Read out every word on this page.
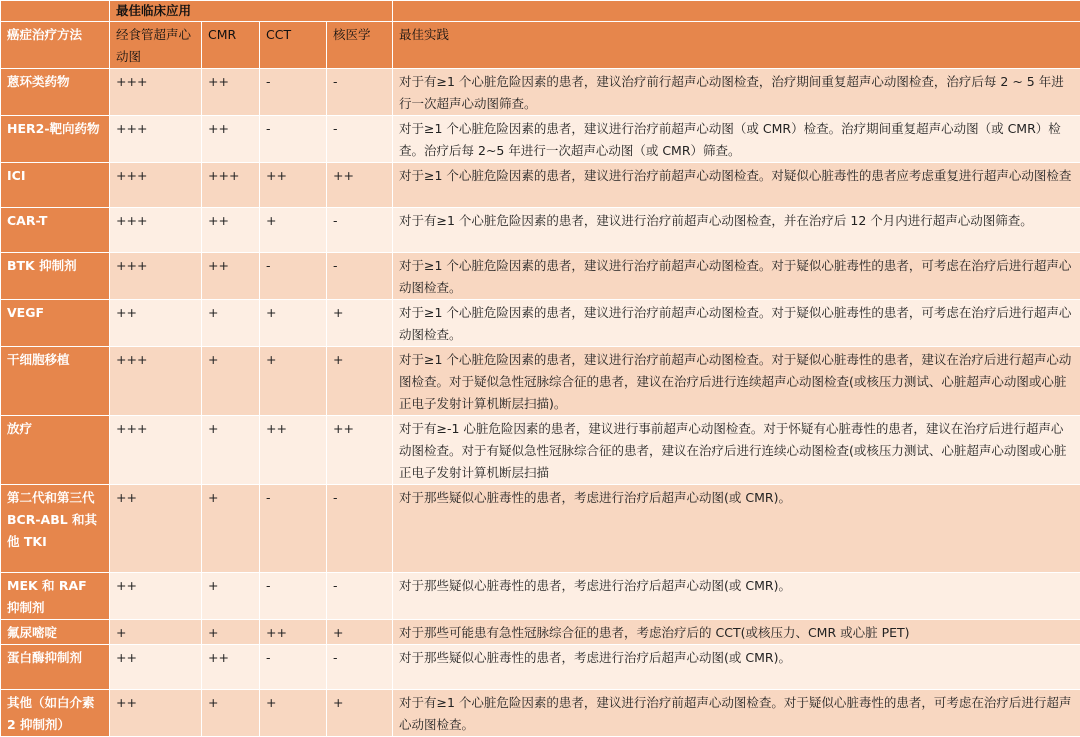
	最佳临床应用				
癌症治疗方法	经食管超声心动图	CMR	CCT	核医学	最佳实践
蒽环类药物	+++	++	-	-	对于有≥1 个心脏危险因素的患者，建议治疗前行超声心动图检查，治疗期间重复超声心动图检查，治疗后每 2 ~ 5 年进行一次超声心动图筛查。
HER2-靶向药物	+++	++	-	-	对于≥1 个心脏危险因素的患者，建议进行治疗前超声心动图（或 CMR）检查。治疗期间重复超声心动图（或 CMR）检查。治疗后每 2~5 年进行一次超声心动图（或 CMR）筛查。
ICI	+++	+++	++	++	对于≥1 个心脏危险因素的患者，建议进行治疗前超声心动图检查。对疑似心脏毒性的患者应考虑重复进行超声心动图检查
CAR-T	+++	++	+	-	对于有≥1 个心脏危险因素的患者，建议进行治疗前超声心动图检查，并在治疗后 12 个月内进行超声心动图筛查。
BTK 抑制剂	+++	++	-	-	对于≥1 个心脏危险因素的患者，建议进行治疗前超声心动图检查。对于疑似心脏毒性的患者，可考虑在治疗后进行超声心动图检查。
VEGF	++	+	+	+	对于≥1 个心脏危险因素的患者，建议进行治疗前超声心动图检查。对于疑似心脏毒性的患者，可考虑在治疗后进行超声心动图检查。
干细胞移植	+++	+	+	+	对于≥1 个心脏危险因素的患者，建议进行治疗前超声心动图检查。对于疑似心脏毒性的患者，建议在治疗后进行超声心动图检查。对于疑似急性冠脉综合征的患者，建议在治疗后进行连续超声心动图检查(或核压力测试、心脏超声心动图或心脏正电子发射计算机断层扫描)。
放疗	+++	+	++	++	对于有≥-1 心脏危险因素的患者，建议进行事前超声心动图检查。对于怀疑有心脏毒性的患者，建议在治疗后进行超声心动图检查。对于有疑似急性冠脉综合征的患者，建议在治疗后进行连续心动图检查(或核压力测试、心脏超声心动图或心脏正电子发射计算机断层扫描
第二代和第三代 BCR-ABL 和其他 TKI	++	+	-	-	对于那些疑似心脏毒性的患者，考虑进行治疗后超声心动图(或 CMR)。
MEK 和 RAF 抑制剂	++	+	-	-	对于那些疑似心脏毒性的患者，考虑进行治疗后超声心动图(或 CMR)。
氟尿嘧啶	+	+	++	+	对于那些可能患有急性冠脉综合征的患者，考虑治疗后的 CCT(或核压力、CMR 或心脏 PET)
蛋白酶抑制剂	++	++	-	-	对于那些疑似心脏毒性的患者，考虑进行治疗后超声心动图(或 CMR)。
其他（如白介素 2 抑制剂）	++	+	+	+	对于有≥1 个心脏危险因素的患者，建议进行治疗前超声心动图检查。对于疑似心脏毒性的患者，可考虑在治疗后进行超声心动图检查。
